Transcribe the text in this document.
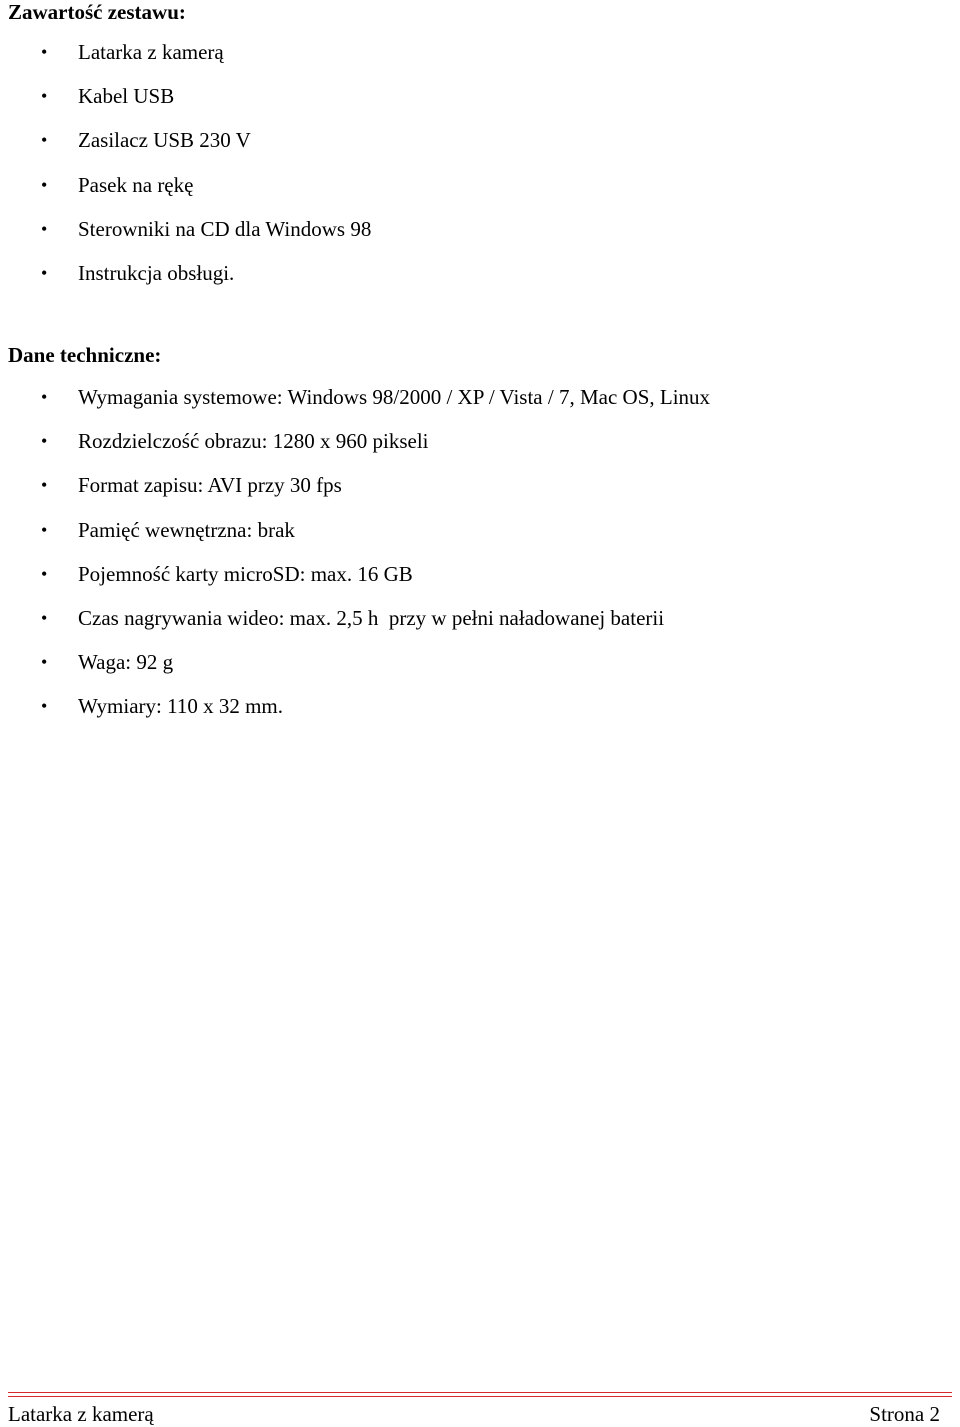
Zawartość zestawu:
• Latarka z kamerą
• Kabel USB
• Zasilacz USB 230 V
• Pasek na rękę
• Sterowniki na CD dla Windows 98
• Instrukcja obsługi.
Dane techniczne:
• Wymagania systemowe: Windows 98/2000 / XP / Vista / 7, Mac OS, Linux
• Rozdzielczość obrazu: 1280 x 960 pikseli
• Format zapisu: AVI przy 30 fps
• Pamięć wewnętrzna: brak
• Pojemność karty microSD: max. 16 GB
• Czas nagrywania wideo: max. 2,5 h  przy w pełni naładowanej baterii
• Waga: 92 g
• Wymiary: 110 x 32 mm.
Latarka z kamerą	Strona 2
